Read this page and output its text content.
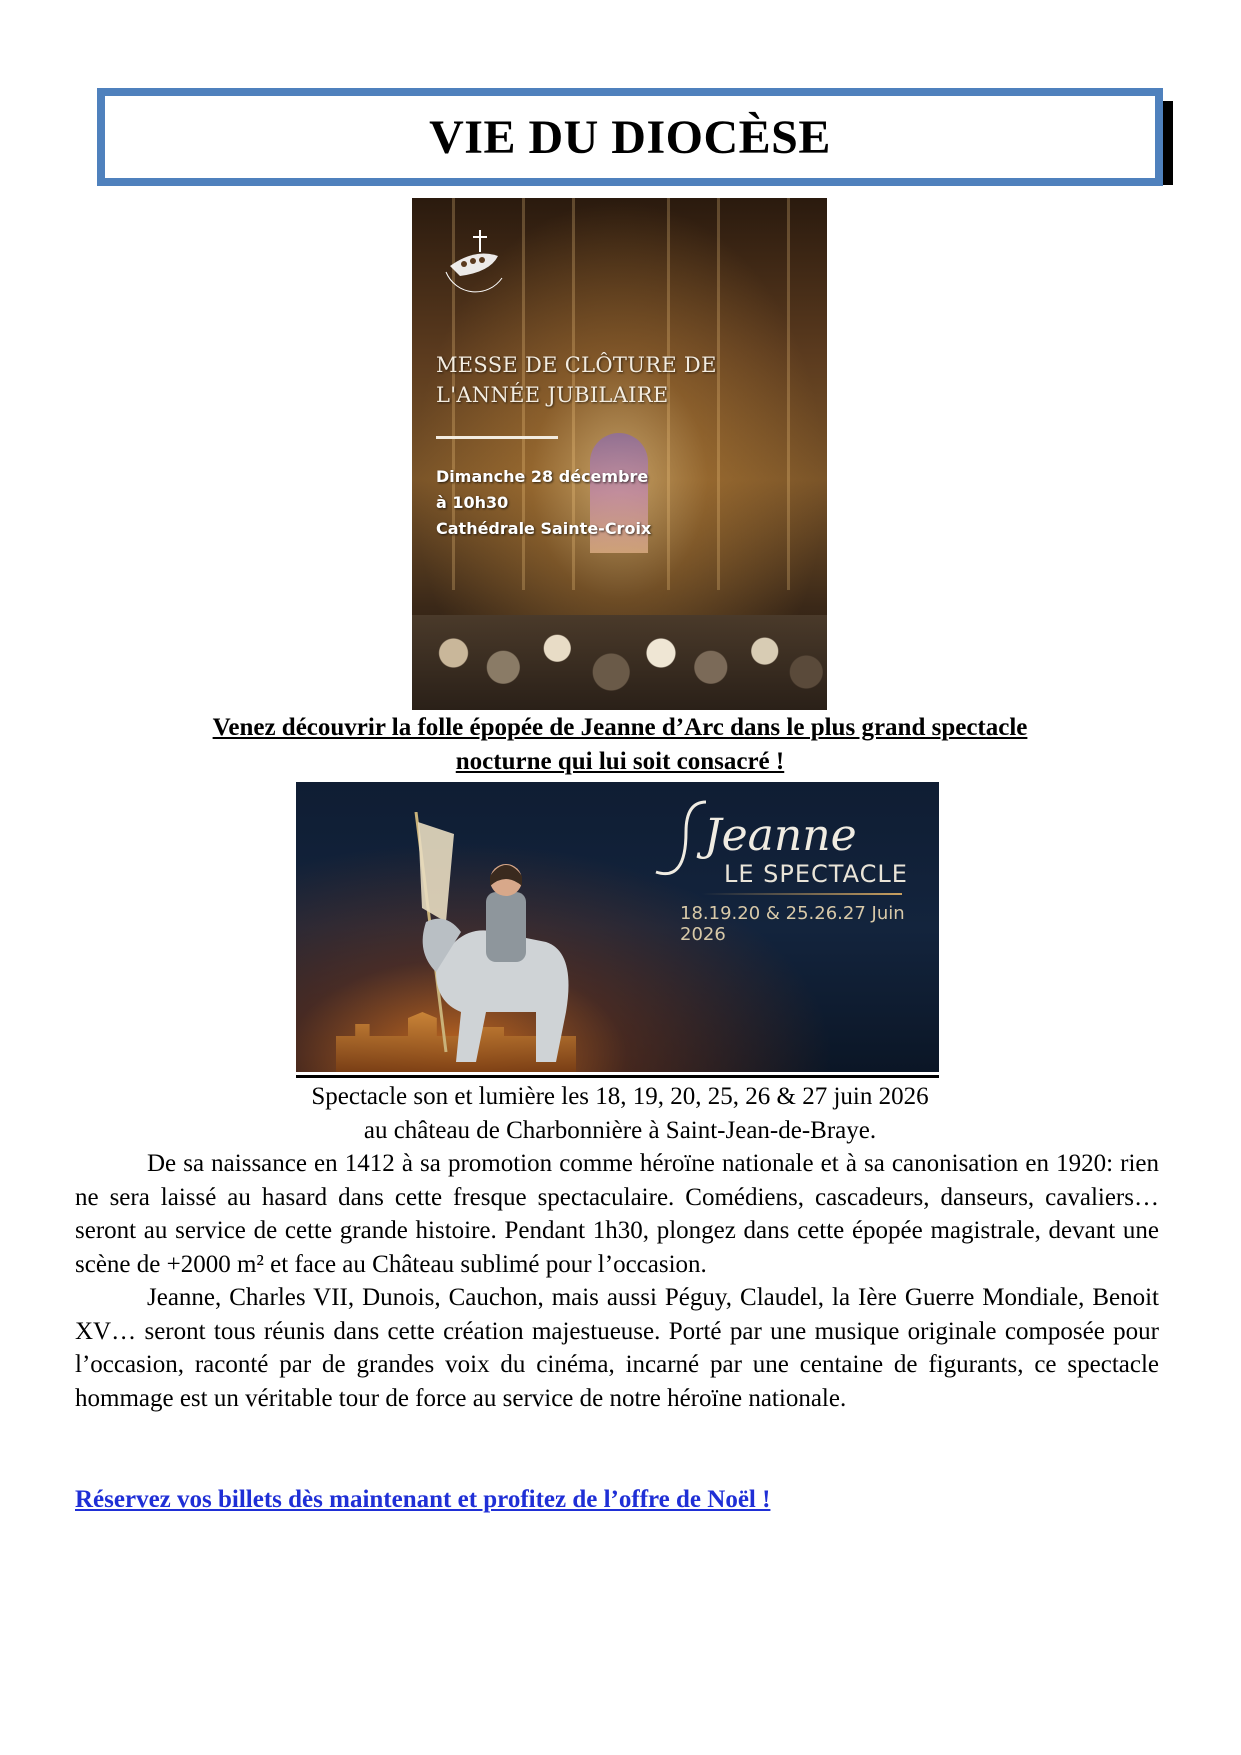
VIE DU DIOCÈSE
MESSE DE CLÔTURE DE
L'ANNÉE JUBILAIRE
Dimanche 28 décembre
à 10h30
Cathédrale Sainte-Croix
Venez découvrir la folle épopée de Jeanne d’Arc dans le plus grand spectacle
nocturne qui lui soit consacré !
Jeanne
LE SPECTACLE
18.19.20 & 25.26.27 Juin 2026
Spectacle son et lumière les 18, 19, 20, 25, 26 & 27 juin 2026
au château de Charbonnière à Saint-Jean-de-Braye.

De sa naissance en 1412 à sa promotion comme héroïne nationale et à sa canonisation en 1920: rien ne sera laissé au hasard dans cette fresque spectaculaire. Comédiens, cascadeurs, danseurs, cavaliers… seront au service de cette grande histoire. Pendant 1h30, plongez dans cette épopée magistrale, devant une scène de +2000 m² et face au Château sublimé pour l’occasion.

Jeanne, Charles VII, Dunois, Cauchon, mais aussi Péguy, Claudel, la Ière Guerre Mondiale, Benoit XV… seront tous réunis dans cette création majestueuse. Porté par une musique originale composée pour l’occasion, raconté par de grandes voix du cinéma, incarné par une centaine de figurants, ce spectacle hommage est un véritable tour de force au service de notre héroïne nationale.

Réservez vos billets dès maintenant et profitez de l’offre de Noël !
